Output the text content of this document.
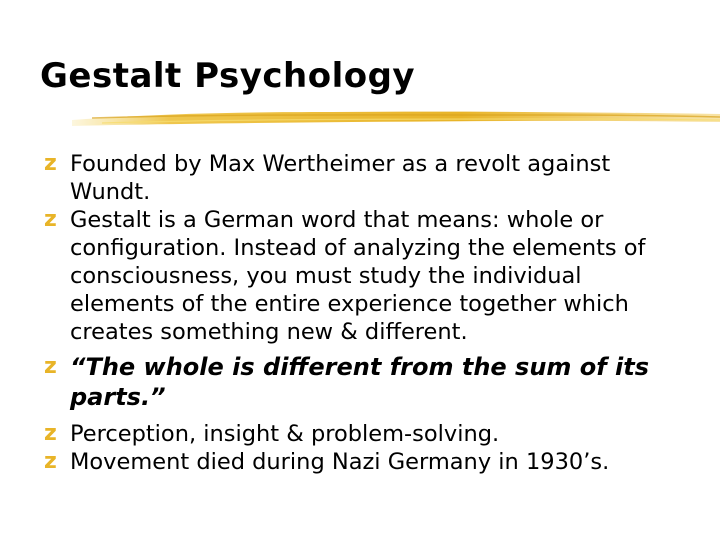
Gestalt Psychology
z Founded by Max Wertheimer as a revolt against Wundt.
z Gestalt is a German word that means: whole or configuration. Instead of analyzing the elements of consciousness, you must study the individual elements of the entire experience together which creates something new & different.
z “The whole is different from the sum of its parts.”
z Perception, insight & problem-solving.
z Movement died during Nazi Germany in 1930’s.
